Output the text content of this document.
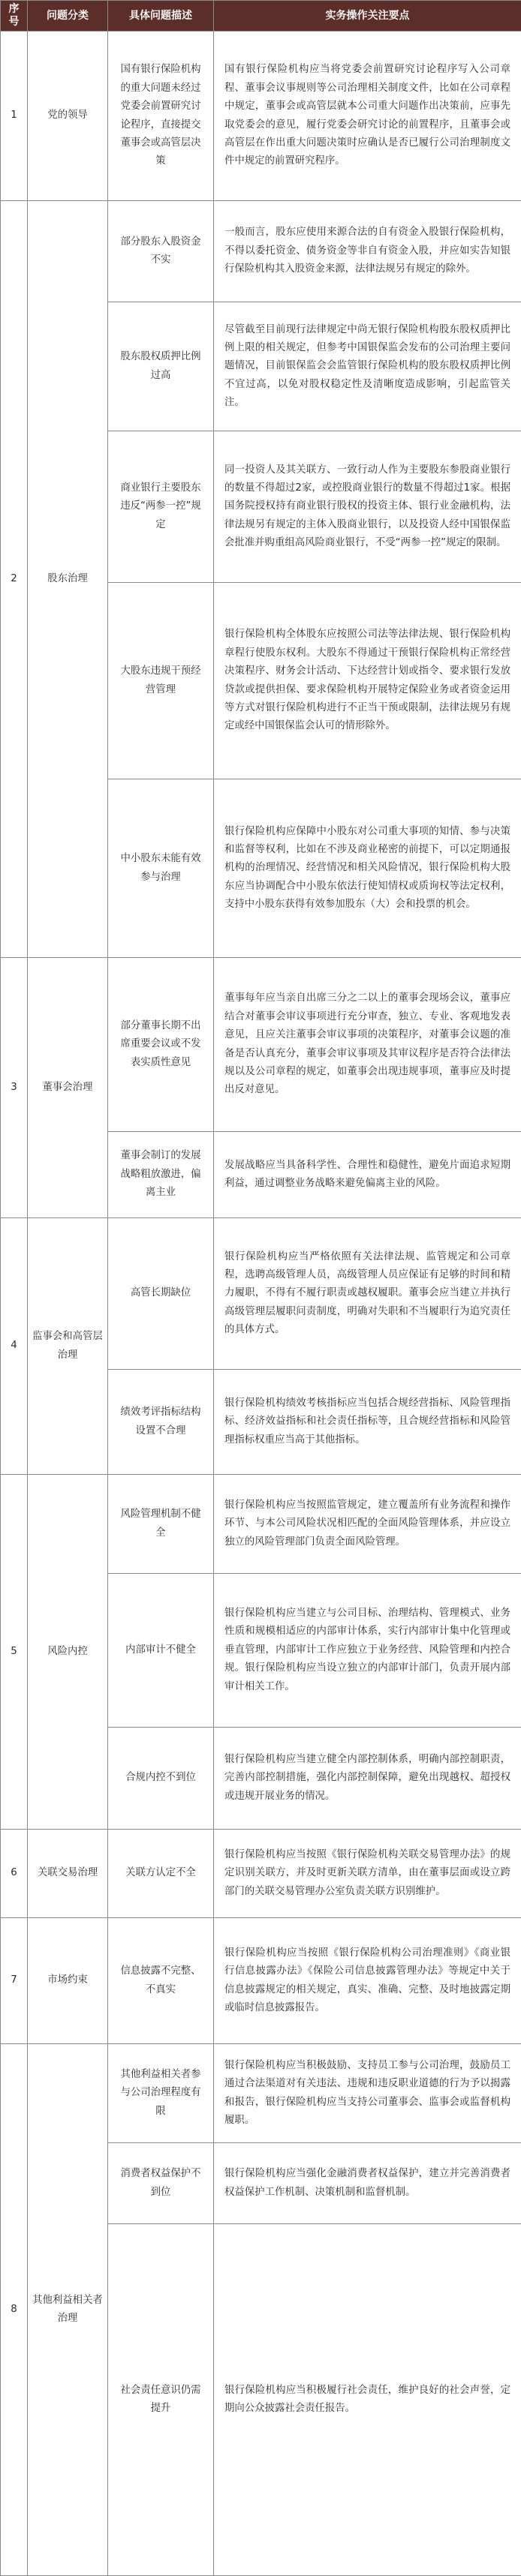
序号	问题分类	具体问题描述	实务操作关注要点
1	党的领导	国有银行保险机构的重大问题未经过党委会前置研究讨论程序，直接提交董事会或高管层决策	国有银行保险机构应当将党委会前置研究讨论程序写入公司章程、董事会议事规则等公司治理相关制度文件，比如在公司章程中规定，董事会或高管层就本公司重大问题作出决策前，应事先取党委会的意见，履行党委会研究讨论的前置程序，且董事会或高管层在作出重大问题决策时应确认是否已履行公司治理制度文件中规定的前置研究程序。
2	股东治理	部分股东入股资金不实	一般而言，股东应使用来源合法的自有资金入股银行保险机构，不得以委托资金、债务资金等非自有资金入股，并应如实告知银行保险机构其入股资金来源，法律法规另有规定的除外。
		股东股权质押比例过高	尽管截至目前现行法律规定中尚无银行保险机构股东股权质押比例上限的相关规定，但参考中国银保监会发布的公司治理主要问题情况，目前银保监会会监管银行保险机构的股东股权质押比例不宜过高，以免对股权稳定性及清晰度造成影响，引起监管关注。
		商业银行主要股东违反“两参一控”规定	同一投资人及其关联方、一致行动人作为主要股东参股商业银行的数量不得超过2家，或控股商业银行的数量不得超过1家。根据国务院授权持有商业银行股权的投资主体、银行业金融机构，法律法规另有规定的主体入股商业银行，以及投资人经中国银保监会批准并购重组高风险商业银行，不受“两参一控”规定的限制。
		大股东违规干预经营管理	银行保险机构全体股东应按照公司法等法律法规、银行保险机构章程行使股东权利。大股东不得通过干预银行保险机构正常经营决策程序、财务会计活动、下达经营计划或指令、要求银行发放贷款或提供担保、要求保险机构开展特定保险业务或者资金运用等方式对银行保险机构进行不正当干预或限制，法律法规另有规定或经中国银保监会认可的情形除外。
		中小股东未能有效参与治理	银行保险机构应保障中小股东对公司重大事项的知情、参与决策和监督等权利，比如在不涉及商业秘密的前提下，可以定期通报机构的治理情况、经营情况和相关风险情况，银行保险机构大股东应当协调配合中小股东依法行使知情权或质询权等法定权利，支持中小股东获得有效参加股东（大）会和投票的机会。
3	董事会治理	部分董事长期不出席重要会议或不发表实质性意见	董事每年应当亲自出席三分之二以上的董事会现场会议，董事应结合对董事会审议事项进行充分审查，独立、专业、客观地发表意见，且应关注董事会审议事项的决策程序，对董事会议题的准备是否认真充分，董事会审议事项及其审议程序是否符合法律法规以及公司章程的规定，如董事会出现违规事项，董事应及时提出反对意见。
		董事会制订的发展战略粗放激进，偏离主业	发展战略应当具备科学性、合理性和稳健性，避免片面追求短期利益，通过调整业务战略来避免偏离主业的风险。
4	监事会和高管层治理	高管长期缺位	银行保险机构应当严格依照有关法律法规、监管规定和公司章程，选聘高级管理人员，高级管理人员应保证有足够的时间和精力履职，不得有不履行职责或越权履职。董事会应当建立并执行高级管理层履职问责制度，明确对失职和不当履职行为追究责任的具体方式。
		绩效考评指标结构设置不合理	银行保险机构绩效考核指标应当包括合规经营指标、风险管理指标、经济效益指标和社会责任指标等，且合规经营指标和风险管理指标权重应当高于其他指标。
5	风险内控	风险管理机制不健全	银行保险机构应当按照监管规定，建立覆盖所有业务流程和操作环节、与本公司风险状况相匹配的全面风险管理体系，并应设立独立的风险管理部门负责全面风险管理。
		内部审计不健全	银行保险机构应当建立与公司目标、治理结构、管理模式、业务性质和规模相适应的内部审计体系，实行内部审计集中化管理或垂直管理，内部审计工作应独立于业务经营、风险管理和内控合规。银行保险机构应当设立独立的内部审计部门，负责开展内部审计相关工作。
		合规内控不到位	银行保险机构应当建立健全内部控制体系，明确内部控制职责，完善内部控制措施，强化内部控制保障，避免出现越权、超授权或违规开展业务的情况。
6	关联交易治理	关联方认定不全	银行保险机构应当按照《银行保险机构关联交易管理办法》的规定识别关联方，并及时更新关联方清单，由在董事层面或设立跨部门的关联交易管理办公室负责关联方识别维护。
7	市场约束	信息披露不完整、不真实	银行保险机构应当按照《银行保险机构公司治理准则》《商业银行信息披露办法》《保险公司信息披露管理办法》等规定中关于信息披露规定的相关规定，真实、准确、完整、及时地披露定期或临时信息披露报告。
8	其他利益相关者治理	其他利益相关者参与公司治理程度有限	银行保险机构应当积极鼓励、支持员工参与公司治理，鼓励员工通过合法渠道对有关违法、违规和违反职业道德的行为予以揭露和报告，银行保险机构应当支持公司董事会、监事会或监督机构履职。
		消费者权益保护不到位	银行保险机构应当强化金融消费者权益保护，建立并完善消费者权益保护工作机制、决策机制和监督机制。
		社会责任意识仍需提升	银行保险机构应当积极履行社会责任，维护良好的社会声誉，定期向公众披露社会责任报告。
